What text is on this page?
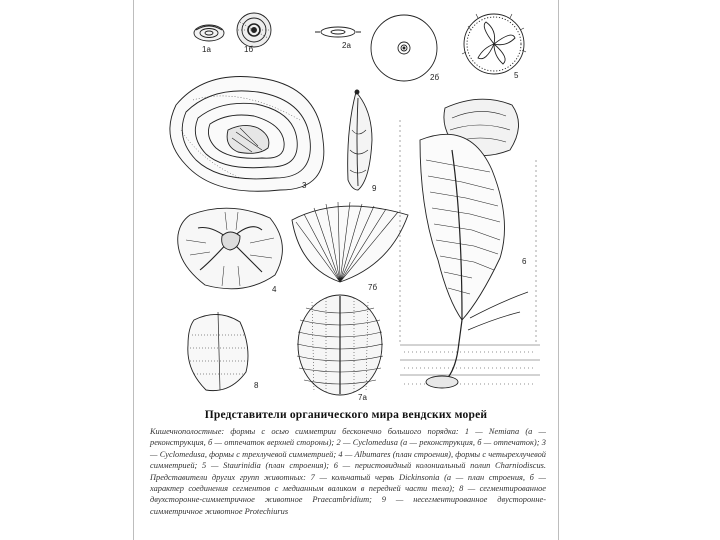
1a	1б	2a
2б	5
3	9
4	7б
6
8
7a
Представители органического мира вендских морей
Кишечнополостные: формы с осью симметрии бесконечно большого порядка: 1 — Nemiana (а — реконструкция, б — отпечаток верхней стороны); 2 — Cyclomedusa (а — реконструкция, б — отпечаток); 3 — Cyclomedusa, формы с трехлучевой симметрией; 4 — Albumares (план строения), формы с четырехлучевой симметрией; 5 — Staurinidia (план строения); 6 — перистовидный колониальный полип Charniodiscus. Представители других групп животных: 7 — кольчатый червь Dickinsonia (а — план строения, б — характер соединения сегментов с медианным валиком в передней части тела); 8 — сегментированное двухсторонне-симметричное животное Praecambridium; 9 — несегментированное двусторонне-симметричное животное Protechiurus
